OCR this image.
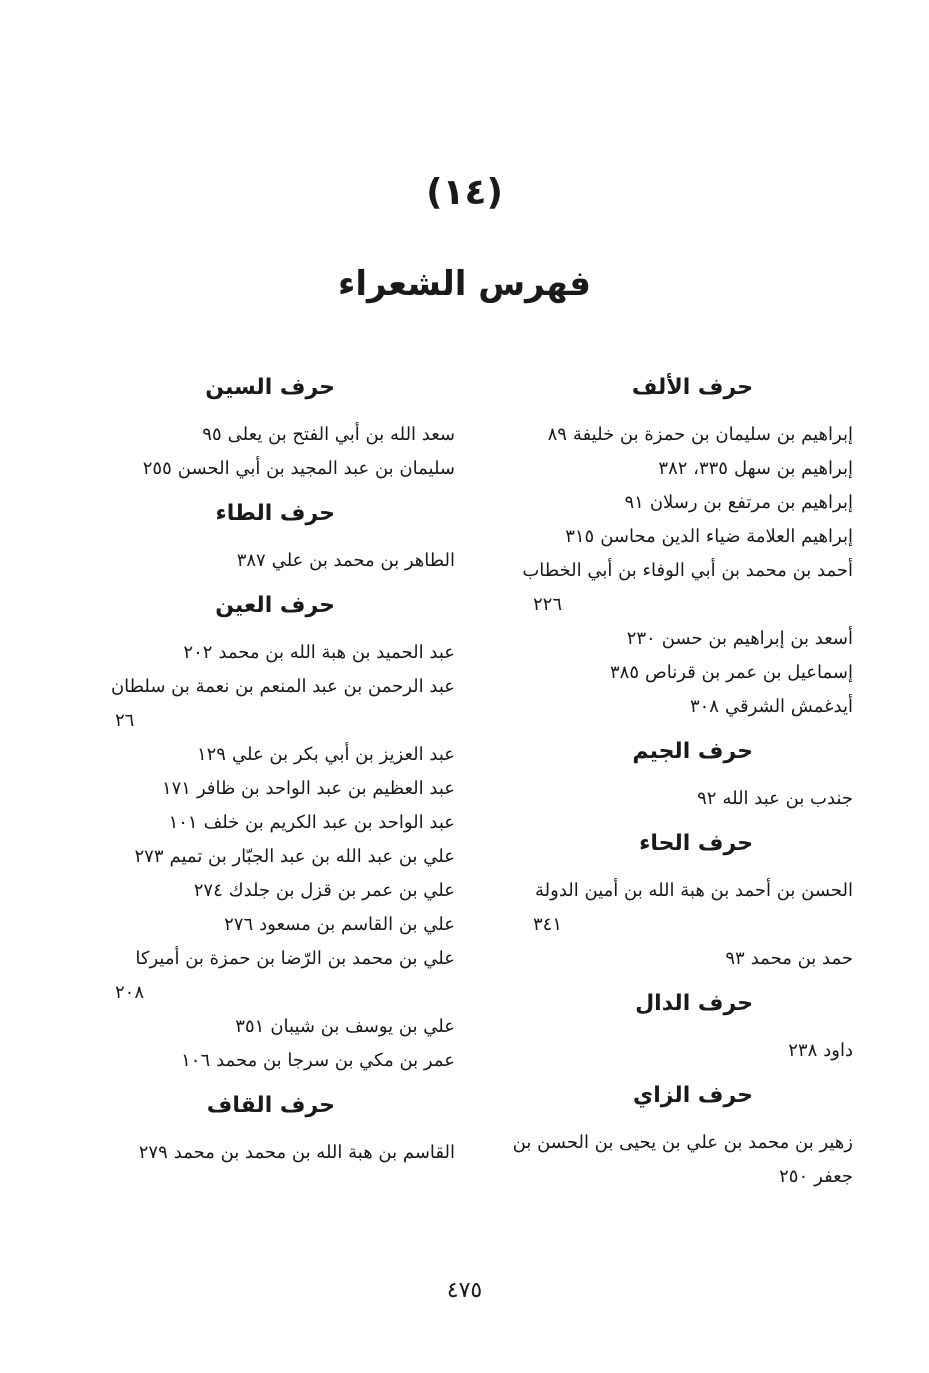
(١٤)
فهرس الشعراء
حرف الألف
إبراهيم بن سليمان بن حمزة بن خليفة٨٩
إبراهيم بن سهل٣٣٥، ٣٨٢
إبراهيم بن مرتفع بن رسلان٩١
إبراهيم العلامة ضياء الدين محاسن٣١٥
أحمد بن محمد بن أبي الوفاء بن أبي الخطاب
٢٢٦
أسعد بن إبراهيم بن حسن٢٣٠
إسماعيل بن عمر بن قرناص٣٨٥
أيدغمش الشرقي٣٠٨
حرف الجيم
جندب بن عبد الله٩٢
حرف الحاء
الحسن بن أحمد بن هبة الله بن أمين الدولة
٣٤١
حمد بن محمد٩٣
حرف الدال
داود٢٣٨
حرف الزاي
زهير بن محمد بن علي بن يحيى بن الحسن بن جعفر٢٥٠
حرف السين
سعد الله بن أبي الفتح بن يعلى٩٥
سليمان بن عبد المجيد بن أبي الحسن٢٥٥
حرف الطاء
الطاهر بن محمد بن علي٣٨٧
حرف العين
عبد الحميد بن هبة الله بن محمد٢٠٢
عبد الرحمن بن عبد المنعم بن نعمة بن سلطان
٢٦
عبد العزيز بن أبي بكر بن علي١٢٩
عبد العظيم بن عبد الواحد بن ظافر١٧١
عبد الواحد بن عبد الكريم بن خلف١٠١
علي بن عبد الله بن عبد الجبّار بن تميم٢٧٣
علي بن عمر بن قزل بن جلدك٢٧٤
علي بن القاسم بن مسعود٢٧٦
علي بن محمد بن الرّضا بن حمزة بن أميركا
٢٠٨
علي بن يوسف بن شيبان٣٥١
عمر بن مكي بن سرجا بن محمد١٠٦
حرف القاف
القاسم بن هبة الله بن محمد بن محمد٢٧٩
٤٧٥
